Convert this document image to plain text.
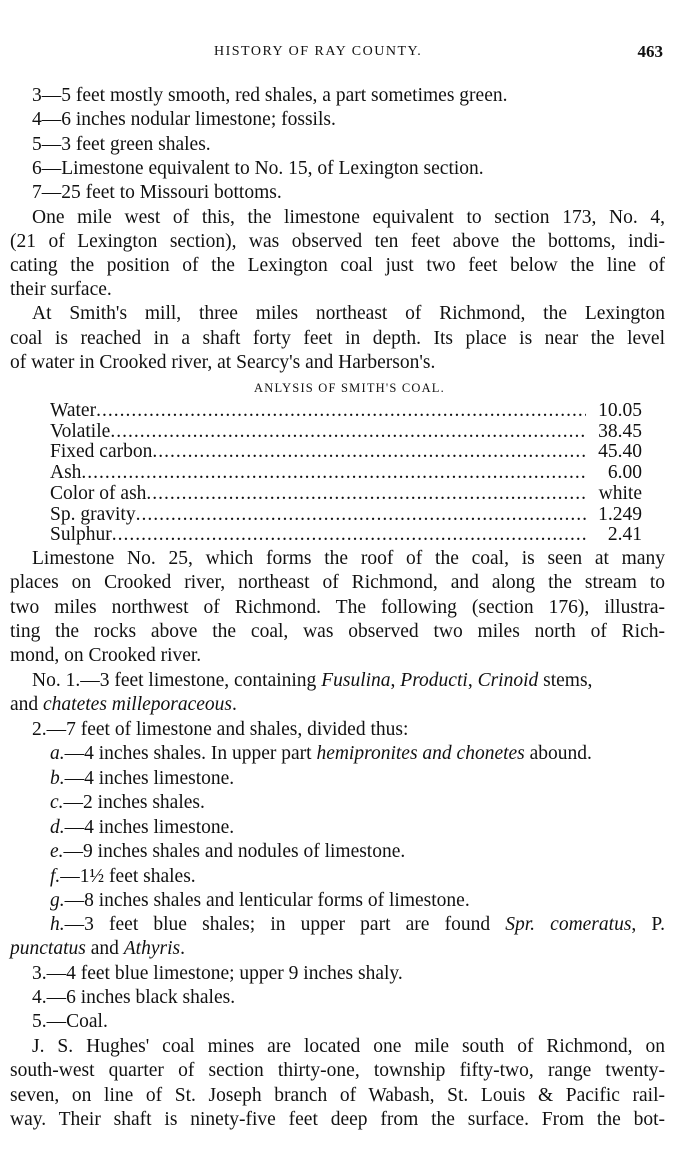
HISTORY OF RAY COUNTY.	463
3—5 feet mostly smooth, red shales, a part sometimes green.
4—6 inches nodular limestone; fossils.
5—3 feet green shales.
6—Limestone equivalent to No. 15, of Lexington section.
7—25 feet to Missouri bottoms.
One mile west of this, the limestone equivalent to section 173, No. 4,
(21 of Lexington section), was observed ten feet above the bottoms, indi-
cating the position of the Lexington coal just two feet below the line of
their surface.
At Smith's mill, three miles northeast of Richmond, the Lexington
coal is reached in a shaft forty feet in depth. Its place is near the level
of water in Crooked river, at Searcy's and Harberson's.
ANLYSIS OF SMITH'S COAL.
Water .....	10.05
Volatile .....	38.45
Fixed carbon .....	45.40
Ash .....	6.00
Color of ash .....	white
Sp. gravity .....	1.249
Sulphur .....	2.41
Limestone No. 25, which forms the roof of the coal, is seen at many
places on Crooked river, northeast of Richmond, and along the stream to
two miles northwest of Richmond. The following (section 176), illustra-
ting the rocks above the coal, was observed two miles north of Rich-
mond, on Crooked river.
No. 1.—3 feet limestone, containing Fusulina, Producti, Crinoid stems,
and chatetes milleporaceous.
2.—7 feet of limestone and shales, divided thus:
a.—4 inches shales. In upper part hemipronites and chonetes abound.
b.—4 inches limestone.
c.—2 inches shales.
d.—4 inches limestone.
e.—9 inches shales and nodules of limestone.
f.—1½ feet shales.
g.—8 inches shales and lenticular forms of limestone.
h.—3 feet blue shales; in upper part are found Spr. comeratus, P.
punctatus and Athyris.
3.—4 feet blue limestone; upper 9 inches shaly.
4.—6 inches black shales.
5.—Coal.
J. S. Hughes' coal mines are located one mile south of Richmond, on
south-west quarter of section thirty-one, township fifty-two, range twenty-
seven, on line of St. Joseph branch of Wabash, St. Louis & Pacific rail-
way. Their shaft is ninety-five feet deep from the surface. From the bot-
